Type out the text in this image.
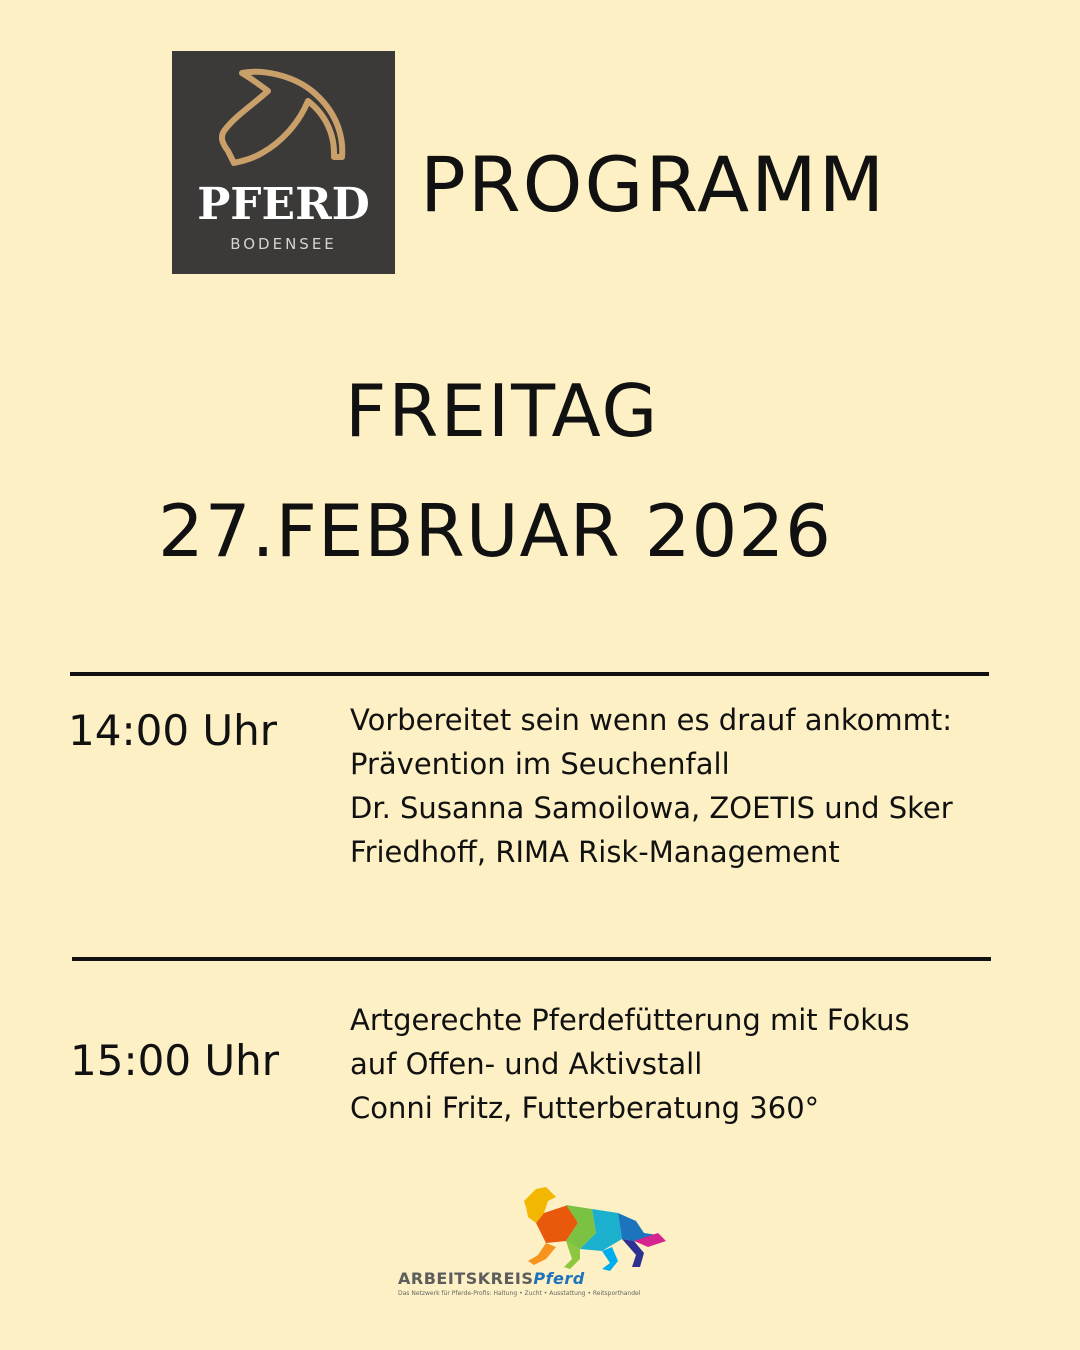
PFERD
BODENSEE
PROGRAMM
FREITAG
27.FEBRUAR 2026
14:00 Uhr	Vorbereitet sein wenn es drauf ankommt:
Prävention im Seuchenfall
Dr. Susanna Samoilowa, ZOETIS und Sker
Friedhoff, RIMA Risk-Management
15:00 Uhr
Artgerechte Pferdefütterung mit Fokus
auf Offen- und Aktivstall
Conni Fritz, Futterberatung 360°
ARBEITSKREISPferd
Das Netzwerk für Pferde-Profis: Haltung • Zucht • Ausstattung • Reitsporthandel
